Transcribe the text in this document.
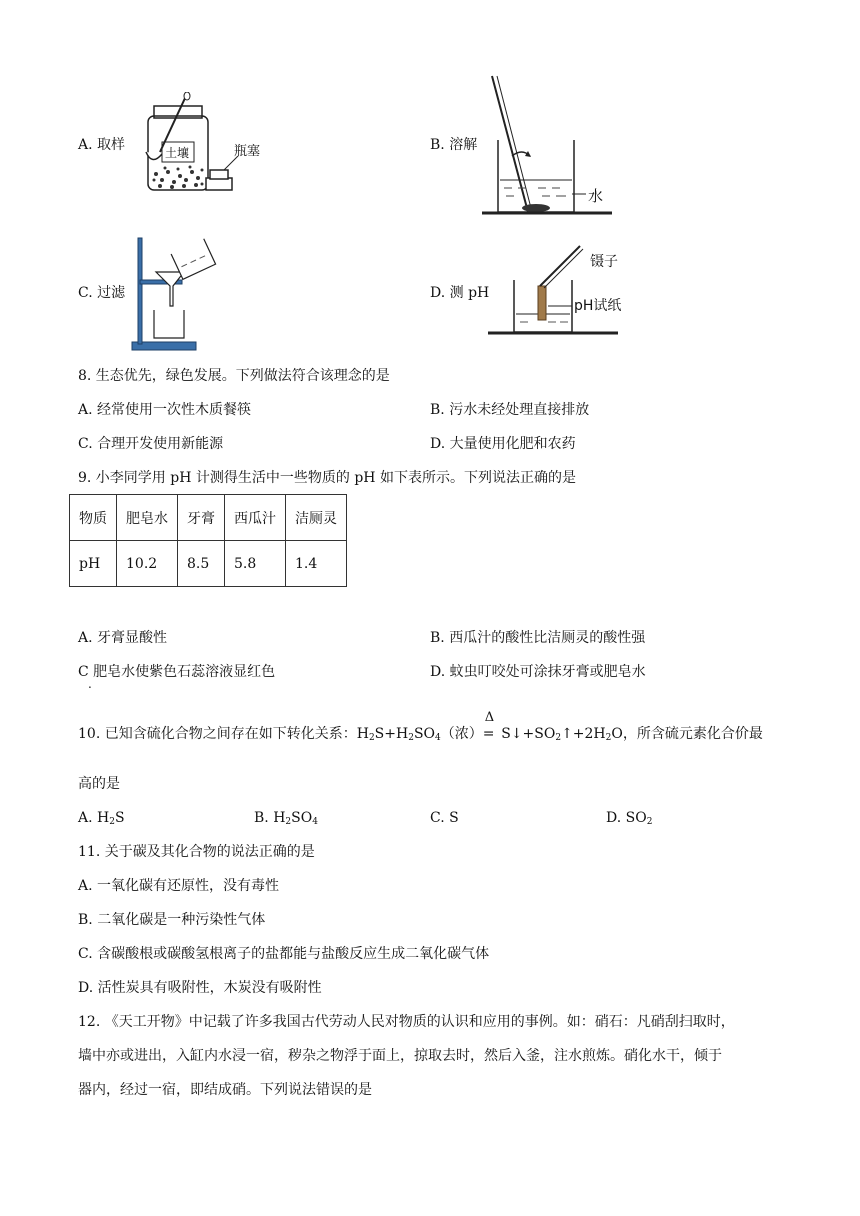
A. 取样	土壤	瓶塞	B. 溶解
水
C. 过滤	D. 测 pH
镊子
pH试纸
8. 生态优先，绿色发展。下列做法符合该理念的是
A. 经常使用一次性木质餐筷	B. 污水未经处理直接排放
C. 合理开发使用新能源	D. 大量使用化肥和农药
9. 小李同学用 pH 计测得生活中一些物质的 pH 如下表所示。下列说法正确的是
物质	肥皂水	牙膏	西瓜汁	洁厕灵
pH	10.2	8.5	5.8	1.4
A. 牙膏显酸性	B. 西瓜汁的酸性比洁厕灵的酸性强
C 肥皂水使紫色石蕊溶液显红色	D. 蚊虫叮咬处可涂抹牙膏或肥皂水
.
10. 已知含硫化合物之间存在如下转化关系：$H_2S+H_2SO_4$（浓）
Δ
= $S↓+SO_2↑+2H_2O$，所含硫元素化合价最
高的是
A. $H_2S$	B. $H_2SO_4$	C. S	D. $SO_2$
11. 关于碳及其化合物的说法正确的是
A. 一氧化碳有还原性，没有毒性
B. 二氧化碳是一种污染性气体
C. 含碳酸根或碳酸氢根离子的盐都能与盐酸反应生成二氧化碳气体
D. 活性炭具有吸附性，木炭没有吸附性
12. 《天工开物》中记载了许多我国古代劳动人民对物质的认识和应用的事例。如：硝石：凡硝刮扫取时，
墙中亦或进出，入缸内水浸一宿，秽杂之物浮于面上，掠取去时，然后入釜，注水煎炼。硝化水干，倾于
器内，经过一宿，即结成硝。下列说法错误的是
